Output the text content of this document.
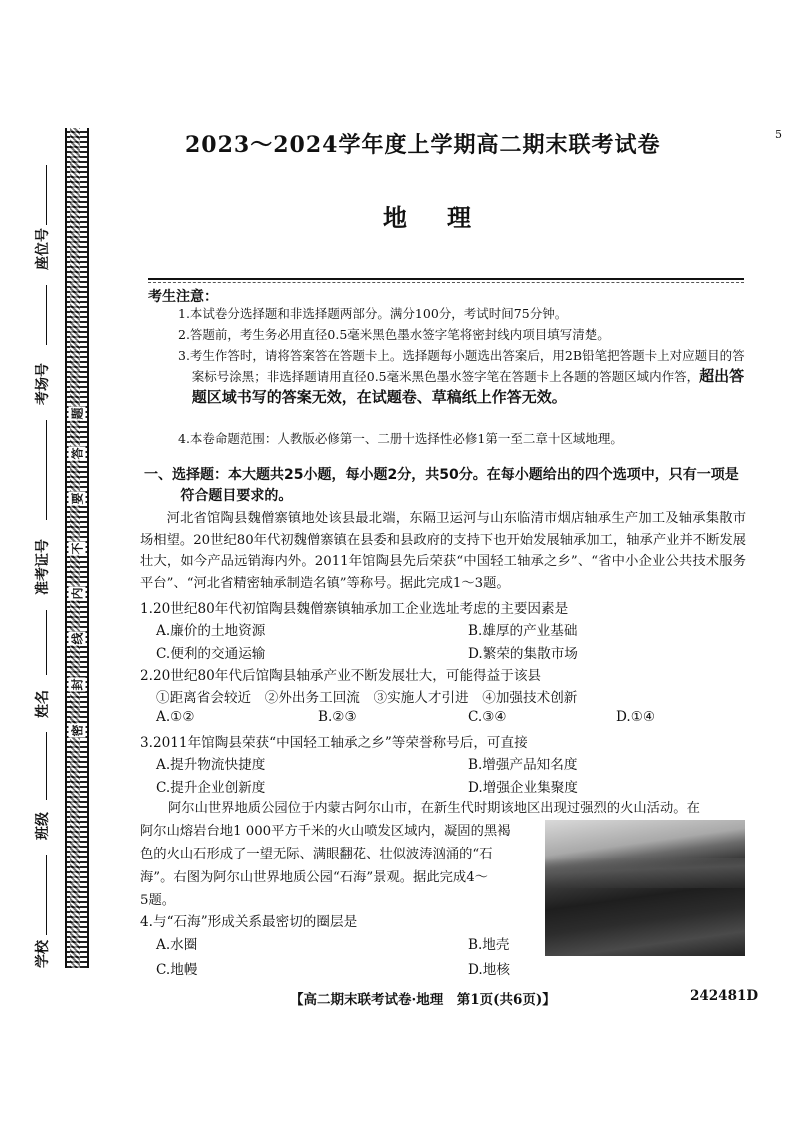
题
答
要
不
内
线
封
密
座位号
考场号
准考证号
姓名
班级
学校
5
2023～2024学年度上学期高二期末联考试卷
地理
考生注意：
1.本试卷分选择题和非选择题两部分。满分100分，考试时间75分钟。
2.答题前，考生务必用直径0.5毫米黑色墨水签字笔将密封线内项目填写清楚。
3.考生作答时，请将答案答在答题卡上。选择题每小题选出答案后，用2B铅笔把答题卡上对应题目的答案标号涂黑；非选择题请用直径0.5毫米黑色墨水签字笔在答题卡上各题的答题区域内作答，超出答题区域书写的答案无效，在试题卷、草稿纸上作答无效。
4.本卷命题范围：人教版必修第一、二册十选择性必修1第一至二章十区域地理。
一、选择题：本大题共25小题，每小题2分，共50分。在每小题给出的四个选项中，只有一项是符合题目要求的。
河北省馆陶县魏僧寨镇地处该县最北端，东隔卫运河与山东临清市烟店轴承生产加工及轴承集散市场相望。20世纪80年代初魏僧寨镇在县委和县政府的支持下也开始发展轴承加工，轴承产业并不断发展壮大，如今产品远销海内外。2011年馆陶县先后荣获“中国轻工轴承之乡”、“省中小企业公共技术服务平台”、“河北省精密轴承制造名镇”等称号。据此完成1～3题。
1.20世纪80年代初馆陶县魏僧寨镇轴承加工企业选址考虑的主要因素是
A.廉价的土地资源	B.雄厚的产业基础
C.便利的交通运输	D.繁荣的集散市场
2.20世纪80年代后馆陶县轴承产业不断发展壮大，可能得益于该县
①距离省会较近　②外出务工回流　③实施人才引进　④加强技术创新
A.①②	B.②③	C.③④	D.①④
3.2011年馆陶县荣获“中国轻工轴承之乡”等荣誉称号后，可直接
A.提升物流快捷度	B.增强产品知名度
C.提升企业创新度	D.增强企业集聚度
阿尔山世界地质公园位于内蒙古阿尔山市，在新生代时期该地区出现过强烈的火山活动。在
阿尔山熔岩台地1 000平方千米的火山喷发区域内，凝固的黑褐
色的火山石形成了一望无际、满眼翻花、壮似波涛汹涌的“石
海”。右图为阿尔山世界地质公园“石海”景观。据此完成4～
5题。
4.与“石海”形成关系最密切的圈层是
A.水圈	B.地壳
C.地幔	D.地核
【高二期末联考试卷·地理　第1页(共6页)】	242481D
